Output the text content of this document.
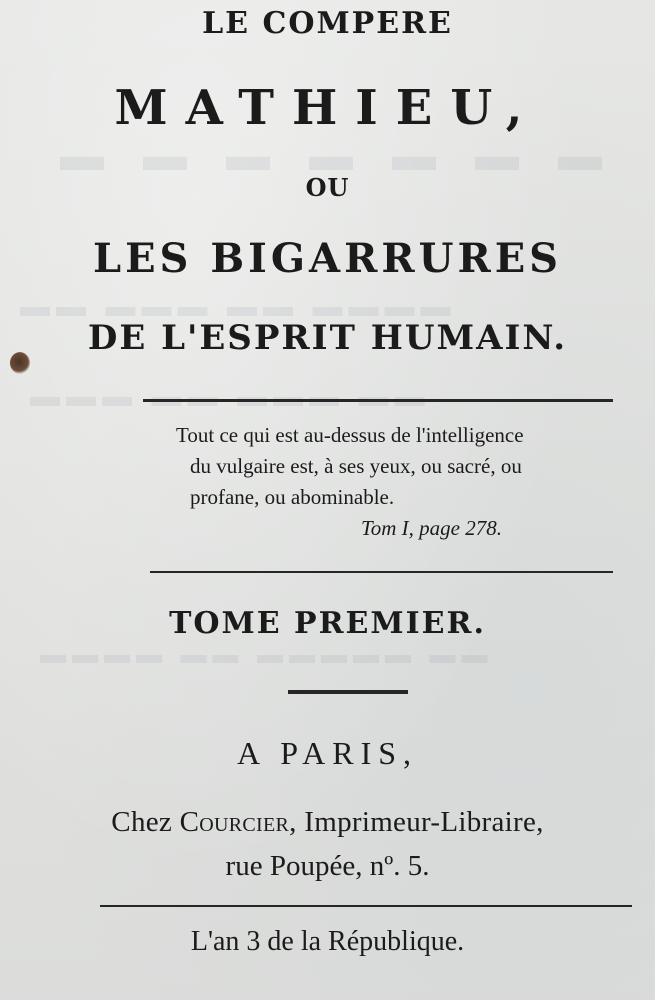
▬ ▬ ▬ ▬ ▬ ▬ ▬
▬▬ ▬▬▬ ▬▬ ▬▬▬▬
▬▬▬ ▬▬ ▬▬▬ ▬▬
▬▬▬▬ ▬▬ ▬▬▬▬▬ ▬▬
LE COMPERE
MATHIEU,
OU
LES BIGARRURES
DE L'ESPRIT HUMAIN.
Tout ce qui est au-dessus de l'intelligence
du vulgaire est, à ses yeux, ou sacré, ou
profane, ou abominable.
Tom I, page 278.
TOME PREMIER.
A PARIS,
Chez Courcier, Imprimeur-Libraire,
rue Poupée, nº. 5.
L'an 3 de la République.
